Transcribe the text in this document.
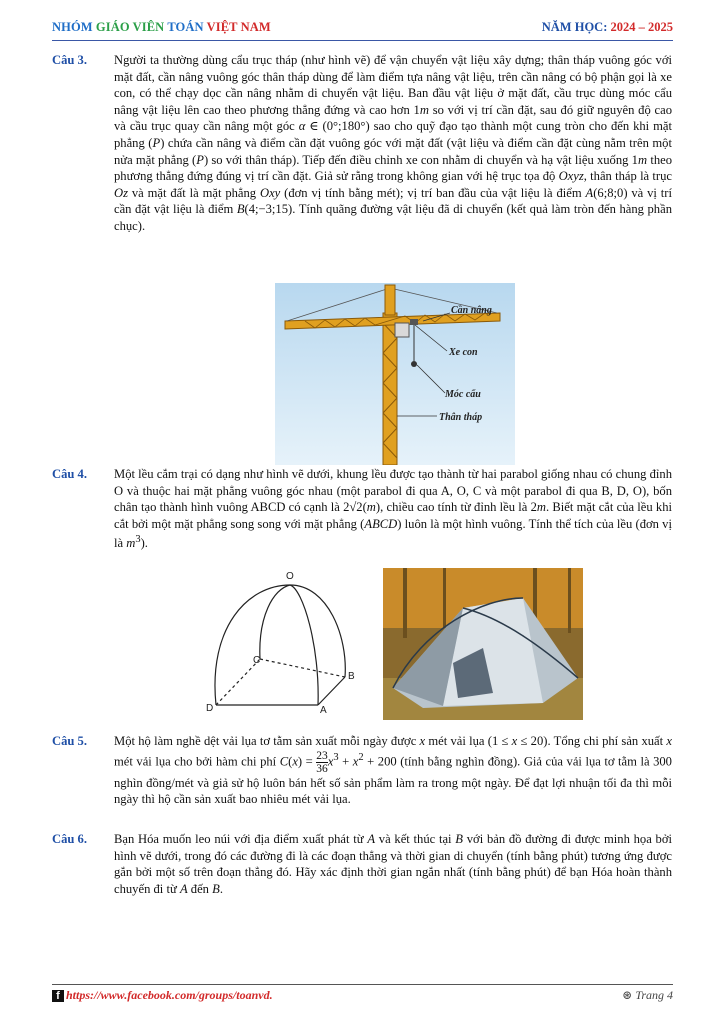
NHÓM GIÁO VIÊN TOÁN VIỆT NAM	NĂM HỌC: 2024 – 2025
Câu 3. Người ta thường dùng cẩu trục tháp (như hình vẽ) để vận chuyển vật liệu xây dựng; thân tháp vuông góc với mặt đất, cần nâng vuông góc thân tháp dùng để làm điểm tựa nâng vật liệu, trên cần nâng có bộ phận gọi là xe con, có thể chạy dọc cần nâng nhằm di chuyển vật liệu. Ban đầu vật liệu ở mặt đất, cầu trục dùng móc cẩu nâng vật liệu lên cao theo phương thẳng đứng và cao hơn 1m so với vị trí cần đặt, sau đó giữ nguyên độ cao và cầu trục quay cần nâng một góc α ∈ (0°;180°) sao cho quỹ đạo tạo thành một cung tròn cho đến khi mặt phẳng (P) chứa cần nâng và điểm cần đặt vuông góc với mặt đất (vật liệu và điểm cần đặt cùng nằm trên một nửa mặt phẳng (P) so với thân tháp). Tiếp đến điều chỉnh xe con nhằm di chuyển và hạ vật liệu xuống 1m theo phương thẳng đứng đúng vị trí cần đặt. Giả sử rằng trong không gian với hệ trục tọa độ Oxyz, thân tháp là trục Oz và mặt đất là mặt phẳng Oxy (đơn vị tính bằng mét); vị trí ban đầu của vật liệu là điểm A(6;8;0) và vị trí cần đặt vật liệu là điểm B(4;−3;15). Tính quãng đường vật liệu đã di chuyển (kết quả làm tròn đến hàng phần chục).
Cần nâng
Xe con
Móc cẩu
Thân tháp
Câu 4. Một lều cắm trại có dạng như hình vẽ dưới, khung lều được tạo thành từ hai parabol giống nhau có chung đỉnh O và thuộc hai mặt phẳng vuông góc nhau (một parabol đi qua A, O, C và một parabol đi qua B, D, O), bốn chân tạo thành hình vuông ABCD có cạnh là 2√2(m), chiều cao tính từ đỉnh lều là 2m. Biết mặt cắt của lều khi cắt bởi một mặt phẳng song song với mặt phẳng (ABCD) luôn là một hình vuông. Tính thể tích của lều (đơn vị là $m^3$).
O
C
B
D	A
Câu 5. Một hộ làm nghề dệt vải lụa tơ tằm sản xuất mỗi ngày được x mét vải lụa (1 ≤ x ≤ 20). Tổng chi phí sản xuất x mét vải lụa cho bởi hàm chi phí $C(x) = \frac{23}{36} x^3 + x^2 + 200$ (tính bằng nghìn đồng). Giả của vải lụa tơ tằm là 300 nghìn đồng/mét và giả sử hộ luôn bán hết số sản phẩm làm ra trong một ngày. Để đạt lợi nhuận tối đa thì mỗi ngày thì hộ cần sản xuất bao nhiêu mét vải lụa.
Câu 6. Bạn Hóa muốn leo núi với địa điểm xuất phát từ A và kết thúc tại B với bản đồ đường đi được minh họa bởi hình vẽ dưới, trong đó các đường đi là các đoạn thẳng và thời gian di chuyển (tính bằng phút) tương ứng được gắn bởi một số trên đoạn thẳng đó. Hãy xác định thời gian ngắn nhất (tính bằng phút) để bạn Hóa hoàn thành chuyến đi từ A đến B.
f https://www.facebook.com/groups/toanvd.	⊛ Trang 4
